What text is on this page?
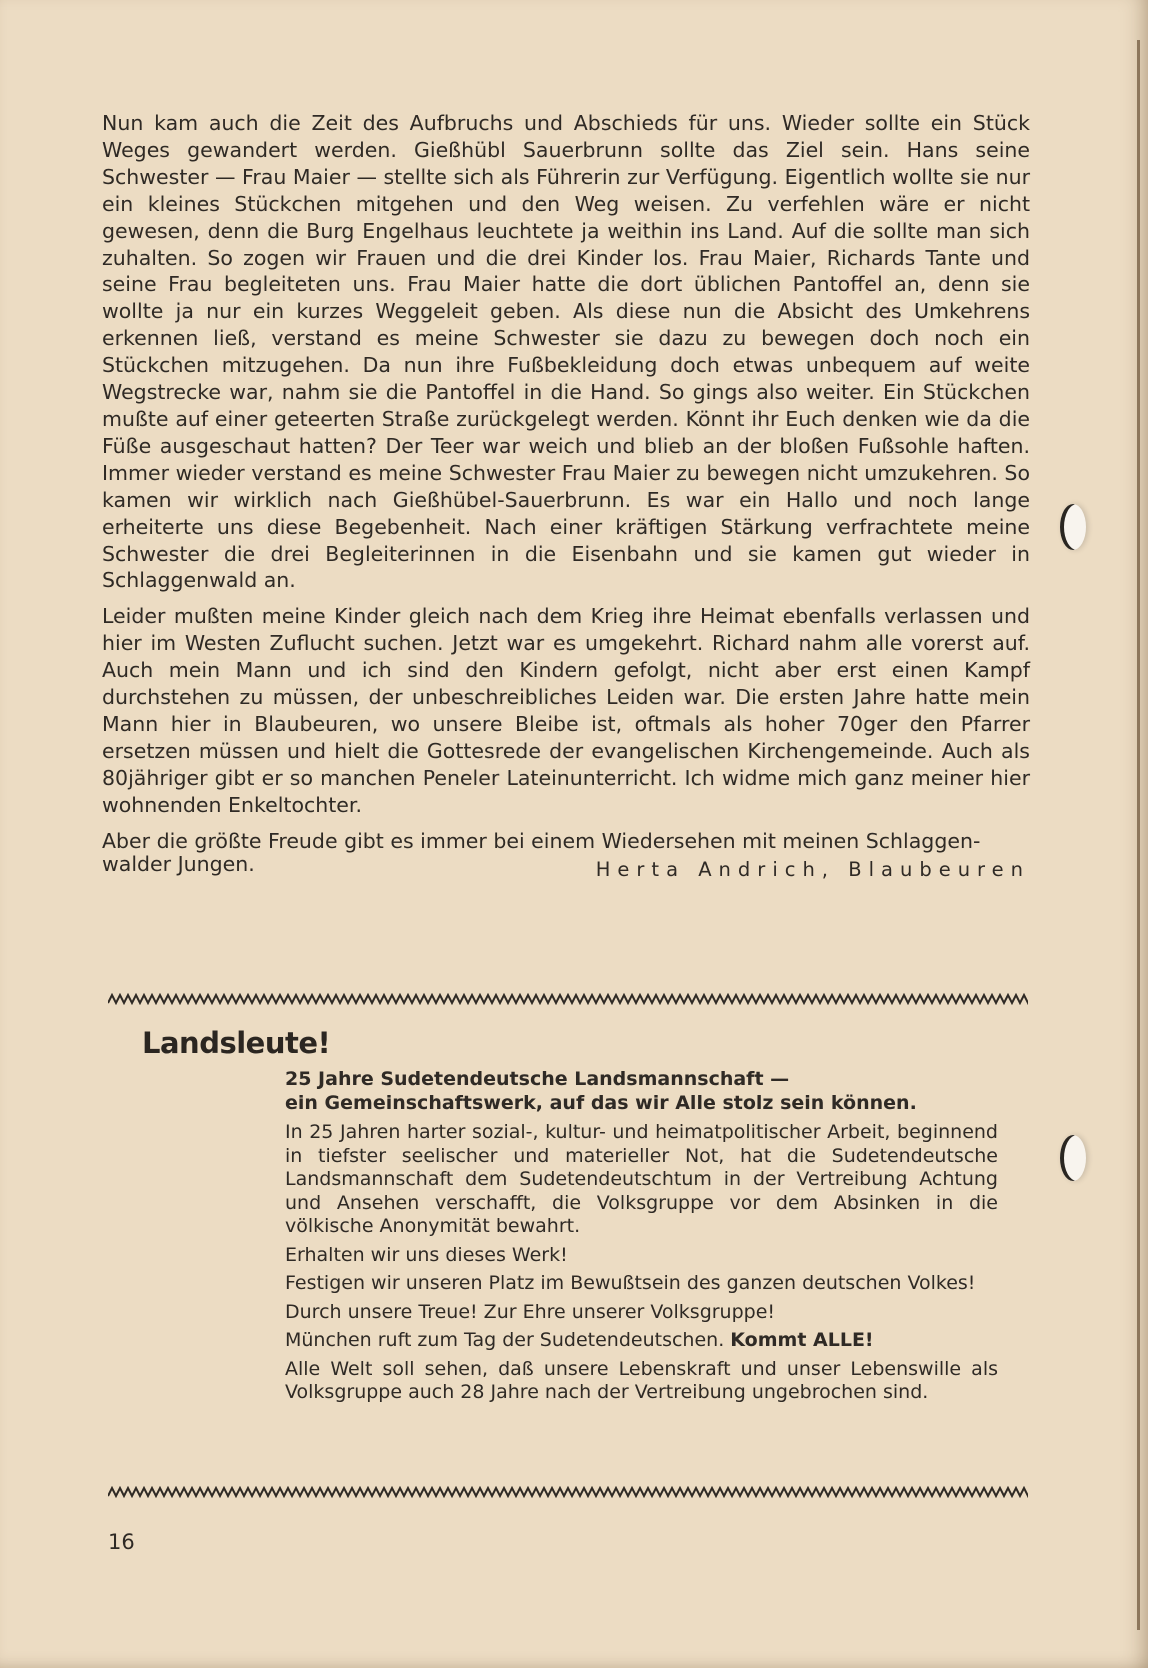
Nun kam auch die Zeit des Aufbruchs und Abschieds für uns. Wieder sollte ein Stück Weges gewandert werden. Gießhübl Sauerbrunn sollte das Ziel sein. Hans seine Schwester — Frau Maier — stellte sich als Führerin zur Verfügung. Eigentlich wollte sie nur ein kleines Stückchen mitgehen und den Weg weisen. Zu verfehlen wäre er nicht gewesen, denn die Burg Engelhaus leuchtete ja weithin ins Land. Auf die sollte man sich zuhalten. So zogen wir Frauen und die drei Kinder los. Frau Maier, Richards Tante und seine Frau begleiteten uns. Frau Maier hatte die dort üblichen Pantoffel an, denn sie wollte ja nur ein kurzes Weggeleit geben. Als diese nun die Absicht des Umkehrens erkennen ließ, verstand es meine Schwester sie dazu zu bewegen doch noch ein Stückchen mitzugehen. Da nun ihre Fußbekleidung doch etwas unbequem auf weite Wegstrecke war, nahm sie die Pantoffel in die Hand. So gings also weiter. Ein Stückchen mußte auf einer geteerten Straße zurückgelegt werden. Könnt ihr Euch denken wie da die Füße ausgeschaut hatten? Der Teer war weich und blieb an der bloßen Fußsohle haften. Immer wieder verstand es meine Schwester Frau Maier zu bewegen nicht umzukehren. So kamen wir wirklich nach Gießhübel-Sauerbrunn. Es war ein Hallo und noch lange erheiterte uns diese Begebenheit. Nach einer kräftigen Stärkung verfrachtete meine Schwester die drei Begleiterinnen in die Eisenbahn und sie kamen gut wieder in Schlaggenwald an.

Leider mußten meine Kinder gleich nach dem Krieg ihre Heimat ebenfalls verlassen und hier im Westen Zuflucht suchen. Jetzt war es umgekehrt. Richard nahm alle vorerst auf. Auch mein Mann und ich sind den Kindern gefolgt, nicht aber erst einen Kampf durchstehen zu müssen, der unbeschreibliches Leiden war. Die ersten Jahre hatte mein Mann hier in Blaubeuren, wo unsere Bleibe ist, oftmals als hoher 70ger den Pfarrer ersetzen müssen und hielt die Gottesrede der evangelischen Kirchengemeinde. Auch als 80jähriger gibt er so manchen Peneler Lateinunterricht. Ich widme mich ganz meiner hier wohnenden Enkeltochter.

Aber die größte Freude gibt es immer bei einem Wiedersehen mit meinen Schlaggen-

walder Jungen.	Herta Andrich, Blaubeuren
Landsleute!

25 Jahre Sudetendeutsche Landsmannschaft —
ein Gemeinschaftswerk, auf das wir Alle stolz sein können.

In 25 Jahren harter sozial-, kultur- und heimatpolitischer Arbeit, beginnend in tiefster seelischer und materieller Not, hat die Sudetendeutsche Landsmannschaft dem Sudetendeutschtum in der Vertreibung Achtung und Ansehen verschafft, die Volksgruppe vor dem Absinken in die völkische Anonymität bewahrt.

Erhalten wir uns dieses Werk!

Festigen wir unseren Platz im Bewußtsein des ganzen deutschen Volkes!

Durch unsere Treue! Zur Ehre unserer Volksgruppe!

München ruft zum Tag der Sudetendeutschen. Kommt ALLE!

Alle Welt soll sehen, daß unsere Lebenskraft und unser Lebenswille als Volksgruppe auch 28 Jahre nach der Vertreibung ungebrochen sind.

16
